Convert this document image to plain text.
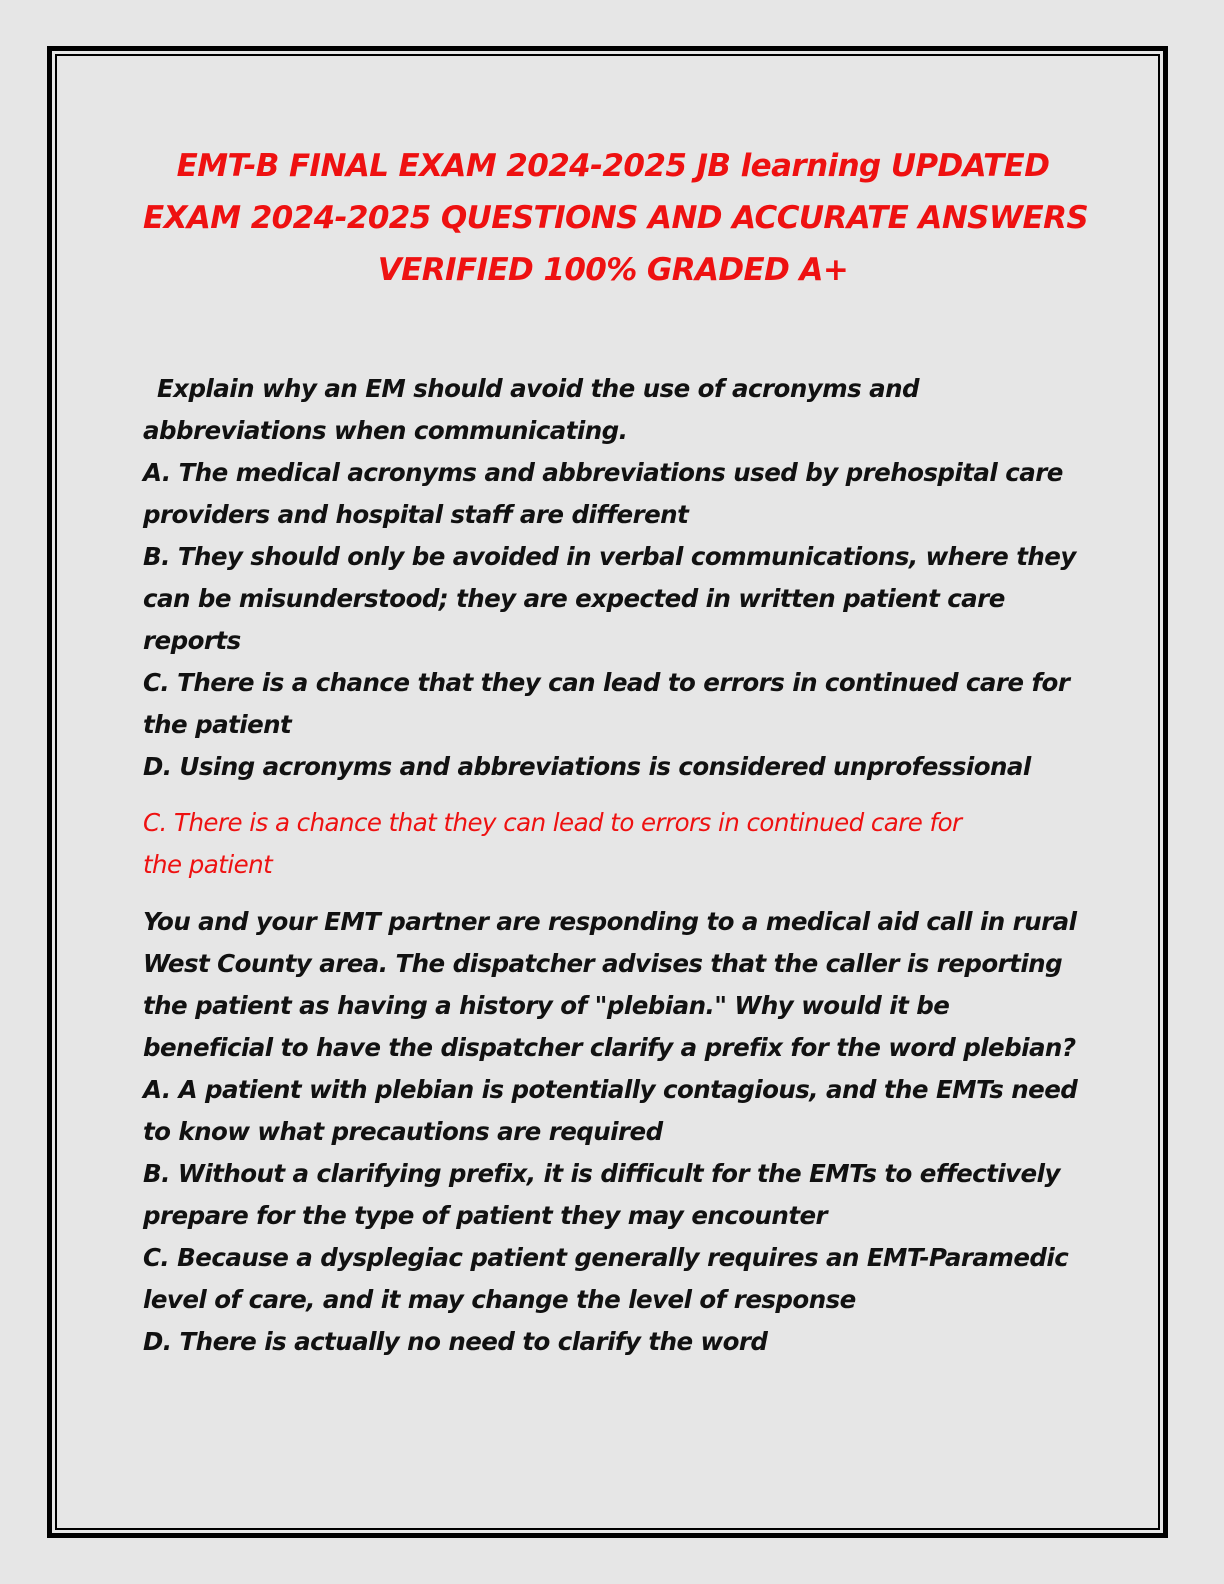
EMT-B FINAL EXAM 2024-2025 JB learning UPDATED
EXAM 2024-2025 QUESTIONS AND ACCURATE ANSWERS
VERIFIED 100% GRADED A+
Explain why an EM should avoid the use of acronyms and
abbreviations when communicating.
A. The medical acronyms and abbreviations used by prehospital care
providers and hospital staff are different
B. They should only be avoided in verbal communications, where they
can be misunderstood; they are expected in written patient care
reports
C. There is a chance that they can lead to errors in continued care for
the patient
D. Using acronyms and abbreviations is considered unprofessional
C. There is a chance that they can lead to errors in continued care for
the patient
You and your EMT partner are responding to a medical aid call in rural
West County area. The dispatcher advises that the caller is reporting
the patient as having a history of "plebian." Why would it be
beneficial to have the dispatcher clarify a prefix for the word plebian?
A. A patient with plebian is potentially contagious, and the EMTs need
to know what precautions are required
B. Without a clarifying prefix, it is difficult for the EMTs to effectively
prepare for the type of patient they may encounter
C. Because a dysplegiac patient generally requires an EMT-Paramedic
level of care, and it may change the level of response
D. There is actually no need to clarify the word
